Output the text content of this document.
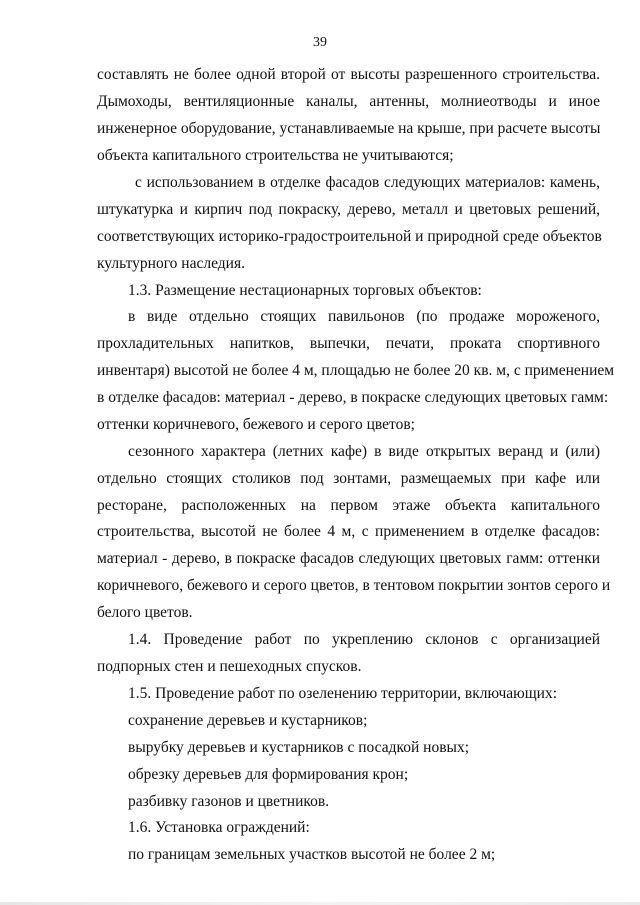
39
составлять не более одной второй от высоты разрешенного строительства.
Дымоходы, вентиляционные каналы, антенны, молниеотводы и иное
инженерное оборудование, устанавливаемые на крыше, при расчете высоты
объекта капитального строительства не учитываются;
с использованием в отделке фасадов следующих материалов: камень,
штукатурка и кирпич под покраску, дерево, металл и цветовых решений,
соответствующих историко-градостроительной и природной среде объектов
культурного наследия.
1.3. Размещение нестационарных торговых объектов:
в виде отдельно стоящих павильонов (по продаже мороженого,
прохладительных напитков, выпечки, печати, проката спортивного
инвентаря) высотой не более 4 м, площадью не более 20 кв. м, с применением
в отделке фасадов: материал - дерево, в покраске следующих цветовых гамм:
оттенки коричневого, бежевого и серого цветов;
сезонного характера (летних кафе) в виде открытых веранд и (или)
отдельно стоящих столиков под зонтами, размещаемых при кафе или
ресторане, расположенных на первом этаже объекта капитального
строительства, высотой не более 4 м, с применением в отделке фасадов:
материал - дерево, в покраске фасадов следующих цветовых гамм: оттенки
коричневого, бежевого и серого цветов, в тентовом покрытии зонтов серого и
белого цветов.
1.4. Проведение работ по укреплению склонов с организацией
подпорных стен и пешеходных спусков.
1.5. Проведение работ по озеленению территории, включающих:
сохранение деревьев и кустарников;
вырубку деревьев и кустарников с посадкой новых;
обрезку деревьев для формирования крон;
разбивку газонов и цветников.
1.6. Установка ограждений:
по границам земельных участков высотой не более 2 м;
